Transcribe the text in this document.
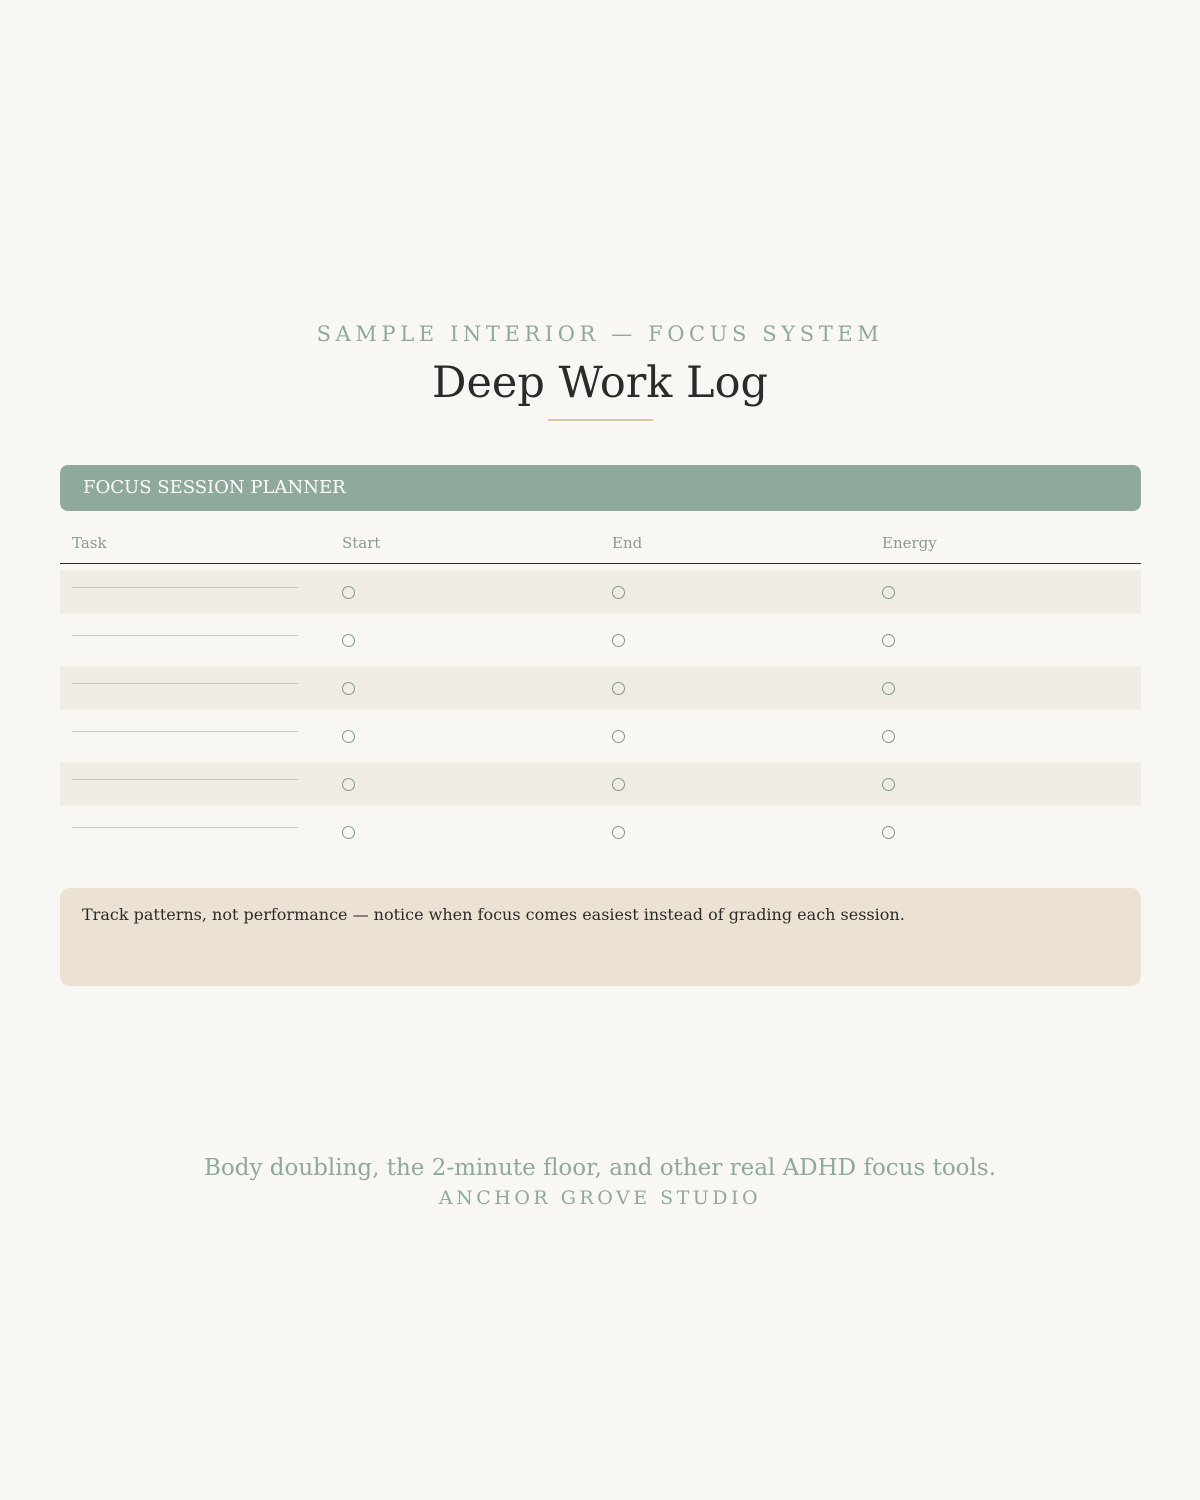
SAMPLE INTERIOR — FOCUS SYSTEM
Deep Work Log
FOCUS SESSION PLANNER
Task	Start	End	Energy
Track patterns, not performance — notice when focus comes easiest instead of grading each session.
Body doubling, the 2-minute floor, and other real ADHD focus tools.
ANCHOR GROVE STUDIO
